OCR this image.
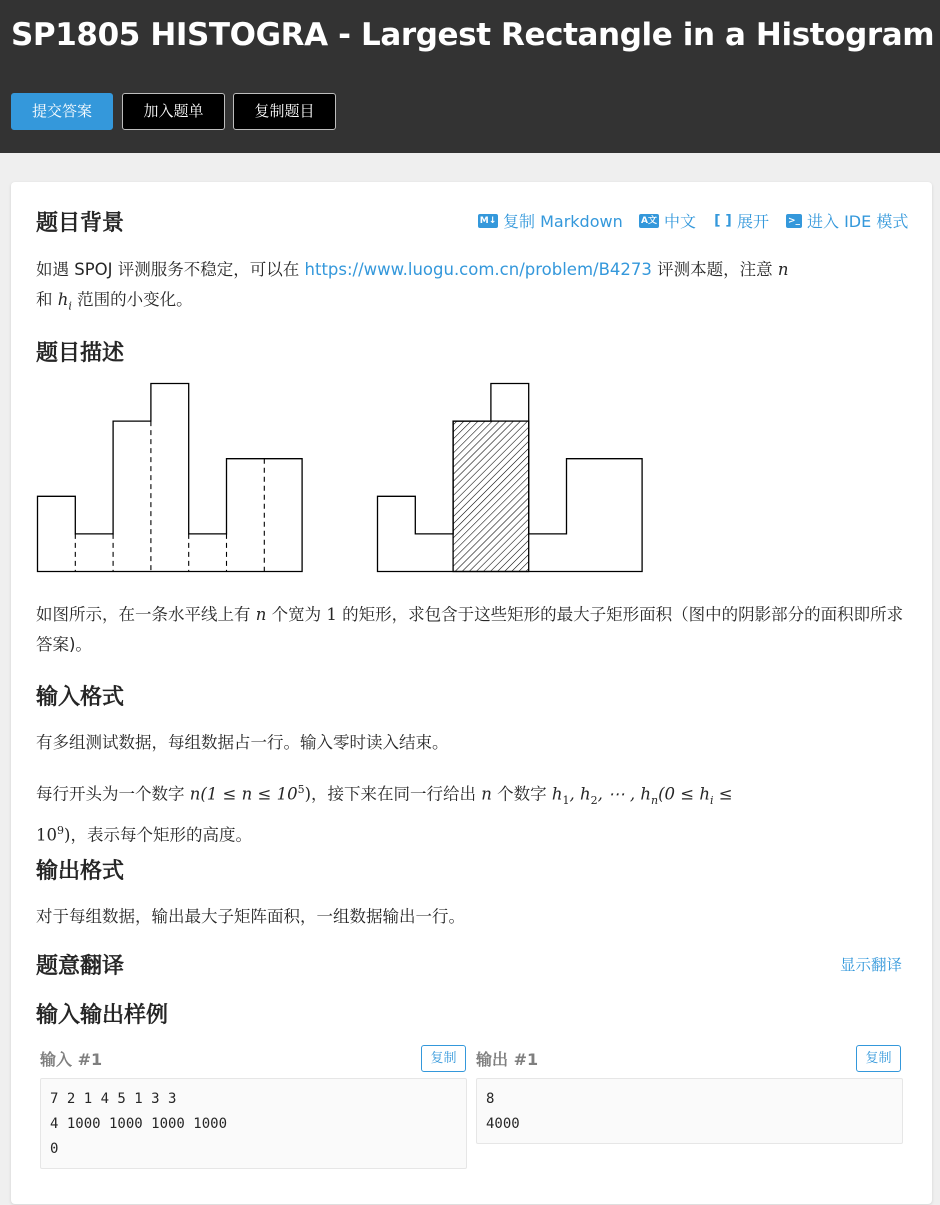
SP1805 HISTOGRA - Largest Rectangle in a Histogram
提交答案	加入题单	复制题目
M↓ 复制 Markdown A文 中文 [ ] 展开 >_ 进入 IDE 模式
题目背景

如遇 SPOJ 评测服务不稳定，可以在 https://www.luogu.com.cn/problem/B4273 评测本题，注意 n

和 $h_i$ 范围的小变化。

题目描述

如图所示，在一条水平线上有 n 个宽为 1 的矩形，求包含于这些矩形的最大子矩形面积（图中的阴影部分的面积即所求答案)。

输入格式
有多组测试数据，每组数据占一行。输入零时读入结束。

每行开头为一个数字 $n(1 \le n \le 10^5)$，接下来在同一行给出 n 个数字 $h_1$, $h_2$, ⋯ , $h_n(0 \le h_i$ ≤

$10^9$)，表示每个矩形的高度。

输出格式
对于每组数据，输出最大子矩阵面积，一组数据输出一行。
题意翻译	显示翻译
输入输出样例
输入 #1	复制
7 2 1 4 5 1 3 3
4 1000 1000 1000 1000
0
输出 #1	复制
8
4000
